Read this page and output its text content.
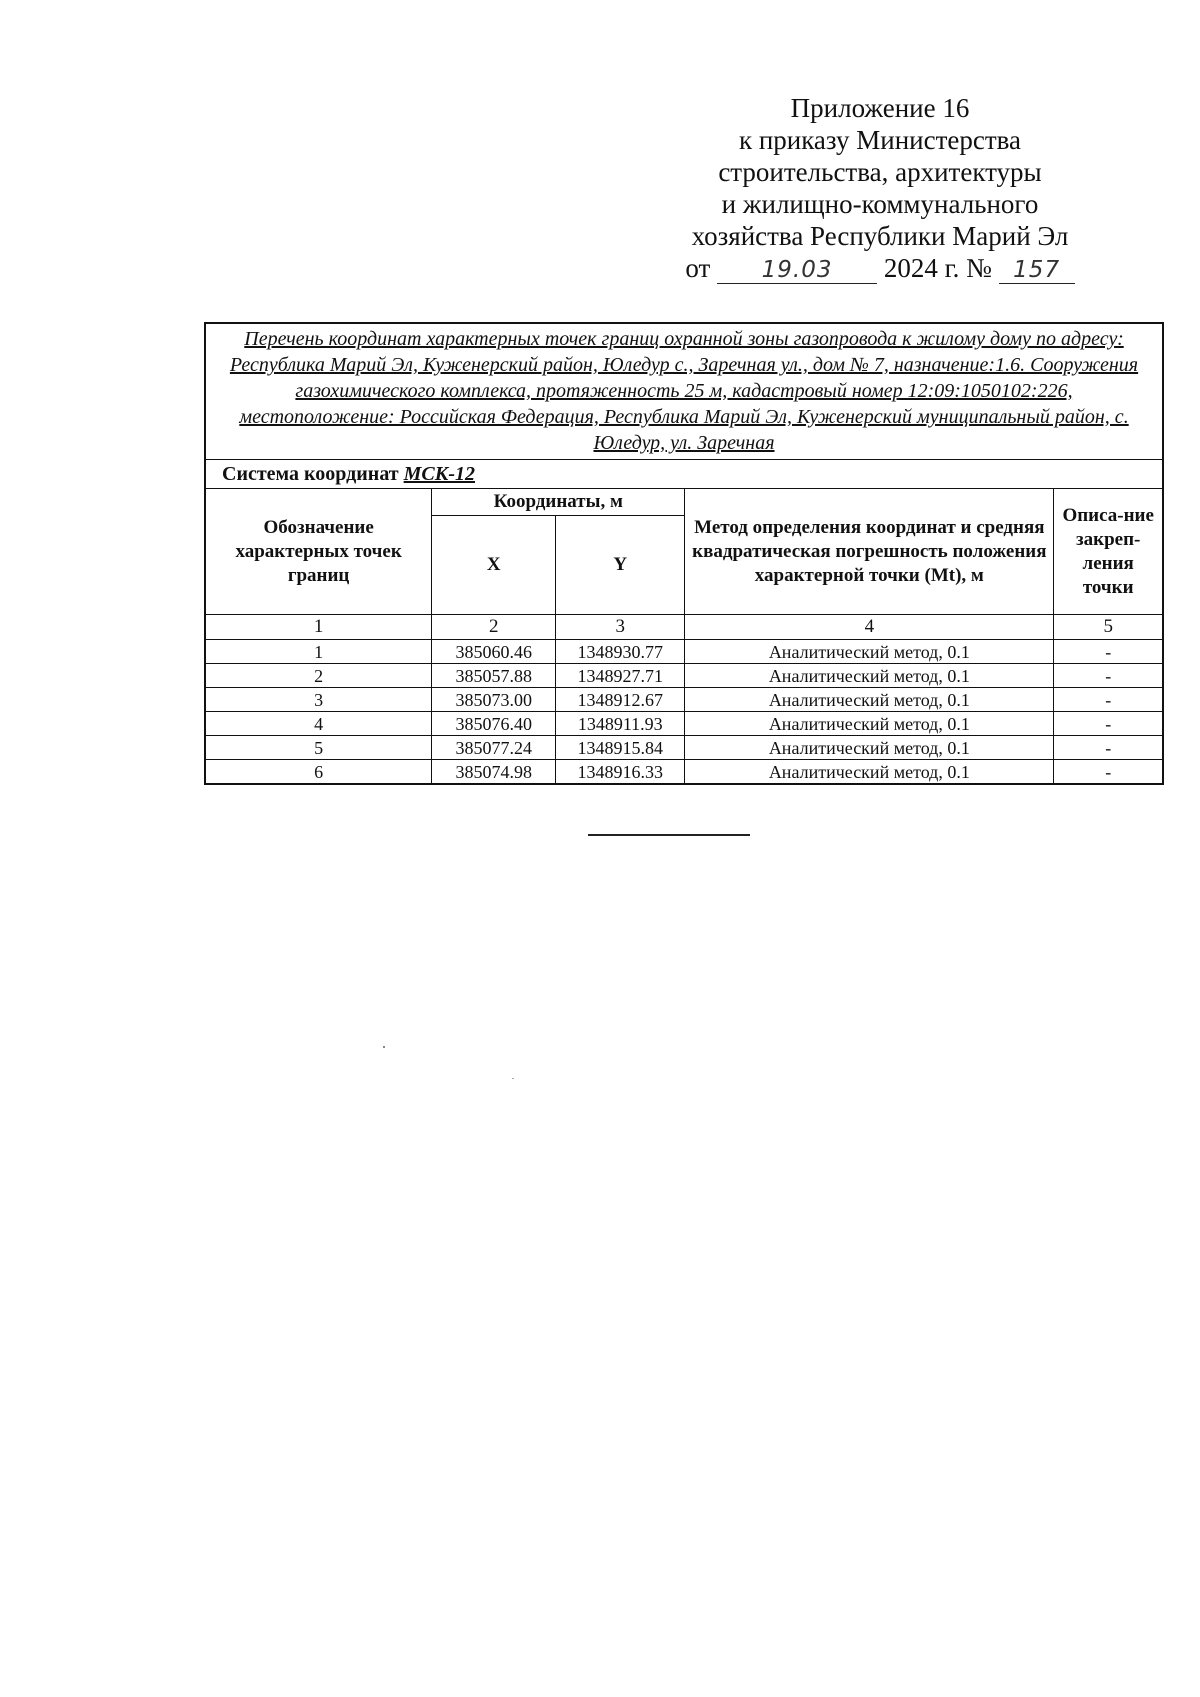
Приложение 16
к приказу Министерства
строительства, архитектуры
и жилищно-коммунального
хозяйства Республики Марий Эл
от 19.03 2024 г. № 157
Перечень координат характерных точек границ охранной зоны газопровода к жилому дому по адресу: Республика Марий Эл, Куженерский район, Юледур с., Заречная ул., дом № 7, назначение:1.6. Сооружения газохимического комплекса, протяженность 25 м, кадастровый номер 12:09:1050102:226, местоположение: Российская Федерация, Республика Марий Эл, Куженерский муниципальный район, с. Юледур, ул. Заречная				
Система координат МСК-12				
Обозначение характерных точек границ	Координаты, м		Метод определения координат и средняя квадратическая погрешность положения характерной точки (Mt), м	Описа-ние закреп-ления точки
	X	Y		
1	2	3	4	5
1	385060.46	1348930.77	Аналитический метод, 0.1	-
2	385057.88	1348927.71	Аналитический метод, 0.1	-
3	385073.00	1348912.67	Аналитический метод, 0.1	-
4	385076.40	1348911.93	Аналитический метод, 0.1	-
5	385077.24	1348915.84	Аналитический метод, 0.1	-
6	385074.98	1348916.33	Аналитический метод, 0.1	-
